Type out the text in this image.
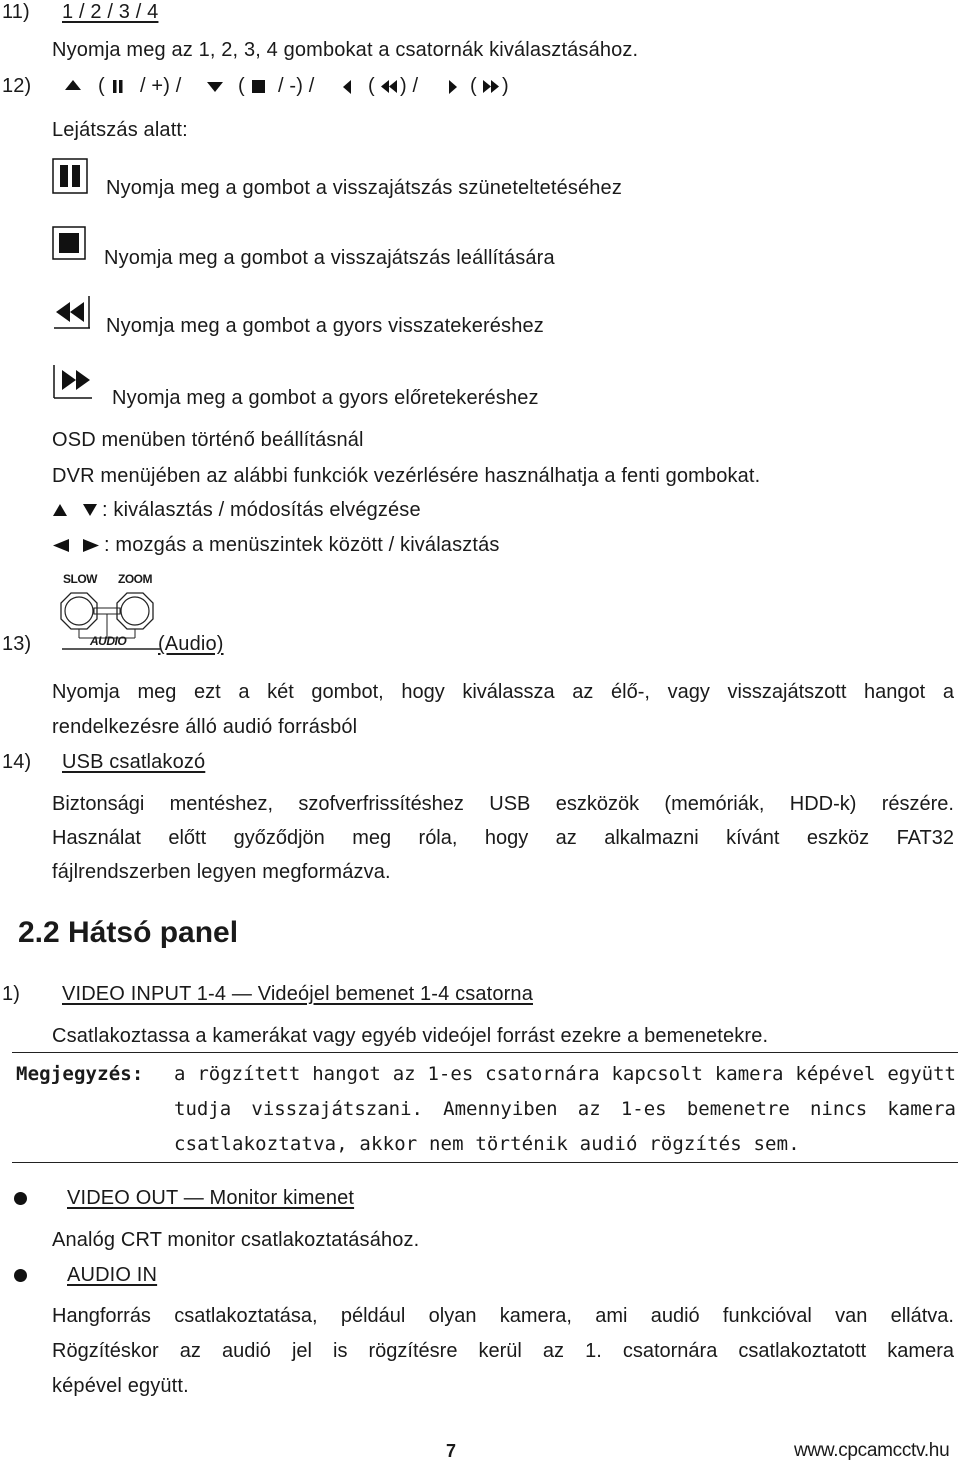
11) 1 / 2 / 3 / 4
Nyomja meg az 1, 2, 3, 4 gombokat a csatornák kiválasztásához.
12)	( / +) /	( / -) /	( ) /	( )
Lejátszás alatt:
Nyomja meg a gombot a visszajátszás szüneteltetéséhez
Nyomja meg a gombot a visszajátszás leállítására
Nyomja meg a gombot a gyors visszatekeréshez
Nyomja meg a gombot a gyors előretekeréshez
OSD menüben történő beállításnál
DVR menüjében az alábbi funkciók vezérlésére használhatja a fenti gombokat.
: kiválasztás / módosítás elvégzése
: mozgás a menüszintek között / kiválasztás
SLOW ZOOM
AUDIO
13)	(Audio)
Nyomja meg ezt a két gombot, hogy kiválassza az élő-, vagy visszajátszott hangot a
rendelkezésre álló audió forrásból
14) USB csatlakozó
Biztonsági mentéshez, szofverfrissítéshez USB eszközök (memóriák, HDD-k) részére.
Használat előtt győződjön meg róla, hogy az alkalmazni kívánt eszköz FAT32
fájlrendszerben legyen megformázva.
2.2 Hátsó panel
1) VIDEO INPUT 1-4 — Videójel bemenet 1-4 csatorna
Csatlakoztassa a kamerákat vagy egyéb videójel forrást ezekre a bemenetekre.
Megjegyzés: a rögzített hangot az 1-es csatornára kapcsolt kamera képével együtt
tudja visszajátszani. Amennyiben az 1-es bemenetre nincs kamera
csatlakoztatva, akkor nem történik audió rögzítés sem.
VIDEO OUT — Monitor kimenet
Analóg CRT monitor csatlakoztatásához.
AUDIO IN
Hangforrás csatlakoztatása, például olyan kamera, ami audió funkcióval van ellátva.
Rögzítéskor az audió jel is rögzítésre kerül az 1. csatornára csatlakoztatott kamera
képével együtt.
7	www.cpcamcctv.hu
